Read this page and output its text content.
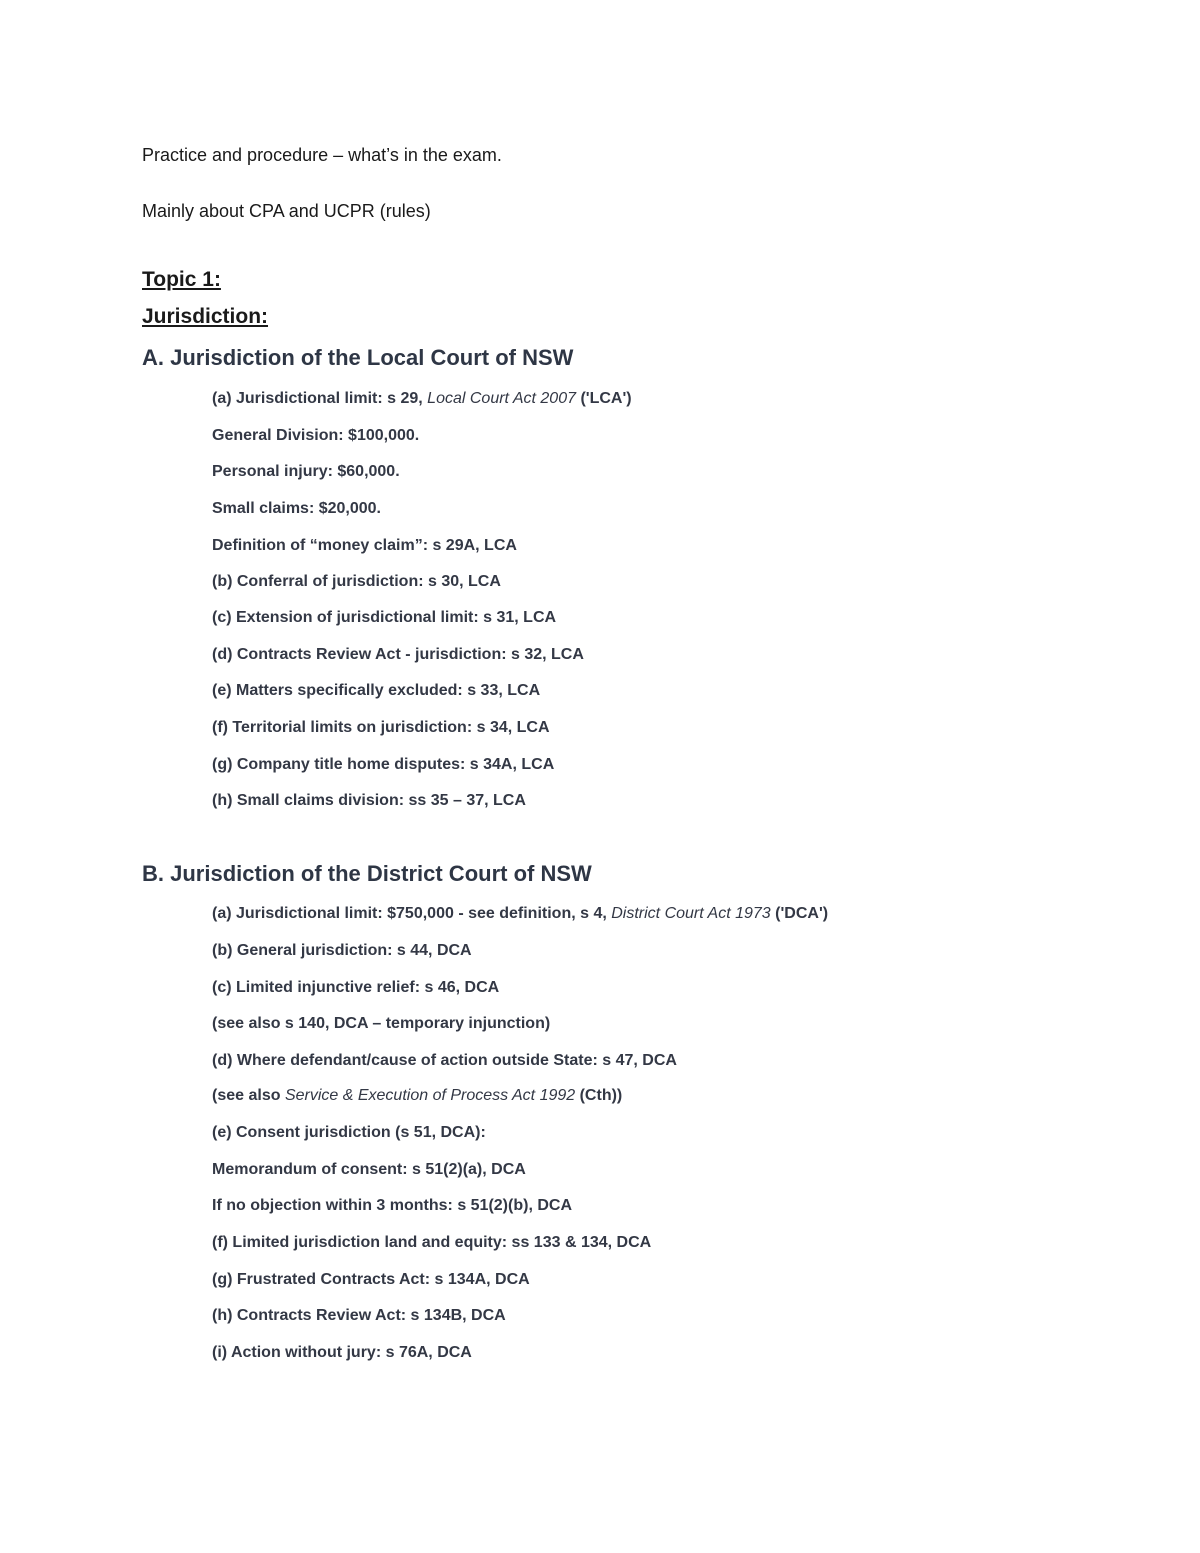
Practice and procedure – what’s in the exam.

Mainly about CPA and UCPR (rules)

Topic 1:

Jurisdiction:

A. Jurisdiction of the Local Court of NSW

(a) Jurisdictional limit: s 29, Local Court Act 2007 ('LCA')

General Division: $100,000.

Personal injury: $60,000.

Small claims: $20,000.

Definition of “money claim”: s 29A, LCA

(b) Conferral of jurisdiction: s 30, LCA

(c) Extension of jurisdictional limit: s 31, LCA

(d) Contracts Review Act - jurisdiction: s 32, LCA

(e) Matters specifically excluded: s 33, LCA

(f) Territorial limits on jurisdiction: s 34, LCA

(g) Company title home disputes: s 34A, LCA

(h) Small claims division: ss 35 – 37, LCA

B. Jurisdiction of the District Court of NSW

(a) Jurisdictional limit: $750,000 - see definition, s 4, District Court Act 1973 ('DCA')

(b) General jurisdiction: s 44, DCA

(c) Limited injunctive relief: s 46, DCA

(see also s 140, DCA – temporary injunction)

(d) Where defendant/cause of action outside State: s 47, DCA

(see also Service & Execution of Process Act 1992 (Cth))

(e) Consent jurisdiction (s 51, DCA):

Memorandum of consent: s 51(2)(a), DCA

If no objection within 3 months: s 51(2)(b), DCA

(f) Limited jurisdiction land and equity: ss 133 & 134, DCA

(g) Frustrated Contracts Act: s 134A, DCA

(h) Contracts Review Act: s 134B, DCA

(i) Action without jury: s 76A, DCA
